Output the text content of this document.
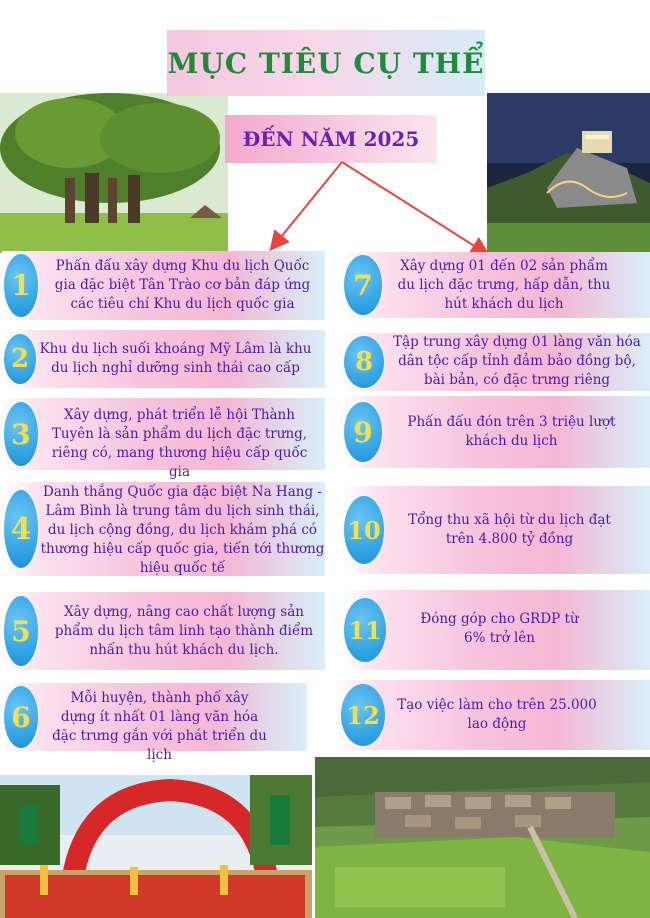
MỤC TIÊU CỤ THỂ
ĐẾN NĂM 2025
1
Phấn đấu xây dựng Khu du lịch Quốc gia đặc biệt Tân Trào cơ bản đáp ứng các tiêu chí Khu du lịch quốc gia
2 Khu du lịch suối khoáng Mỹ Lâm là khu du lịch nghỉ dưỡng sinh thái cao cấp
3
Xây dựng, phát triển lễ hội Thành Tuyên là sản phẩm du lịch đặc trưng, riêng có, mang thương hiệu cấp quốc gia
4
Danh thắng Quốc gia đặc biệt Na Hang - Lâm Bình là trung tâm du lịch sinh thái, du lịch cộng đồng, du lịch khám phá có thương hiệu cấp quốc gia, tiến tới thương hiệu quốc tế
5
Xây dựng, nâng cao chất lượng sản phẩm du lịch tâm linh tạo thành điểm nhấn thu hút khách du lịch.
6
Mỗi huyện, thành phố xây dựng ít nhất 01 làng văn hóa đặc trưng gắn với phát triển du lịch
7
Xây dựng 01 đến 02 sản phẩm du lịch đặc trưng, hấp dẫn, thu hút khách du lịch
8
Tập trung xây dựng 01 làng văn hóa dân tộc cấp tỉnh đảm bảo đồng bộ, bài bản, có đặc trưng riêng
9	Phấn đấu đón trên 3 triệu lượt khách du lịch
10	Tổng thu xã hội từ du lịch đạt trên 4.800 tỷ đồng
11	Đóng góp cho GRDP từ 6% trở lên
12	Tạo việc làm cho trên 25.000 lao động
